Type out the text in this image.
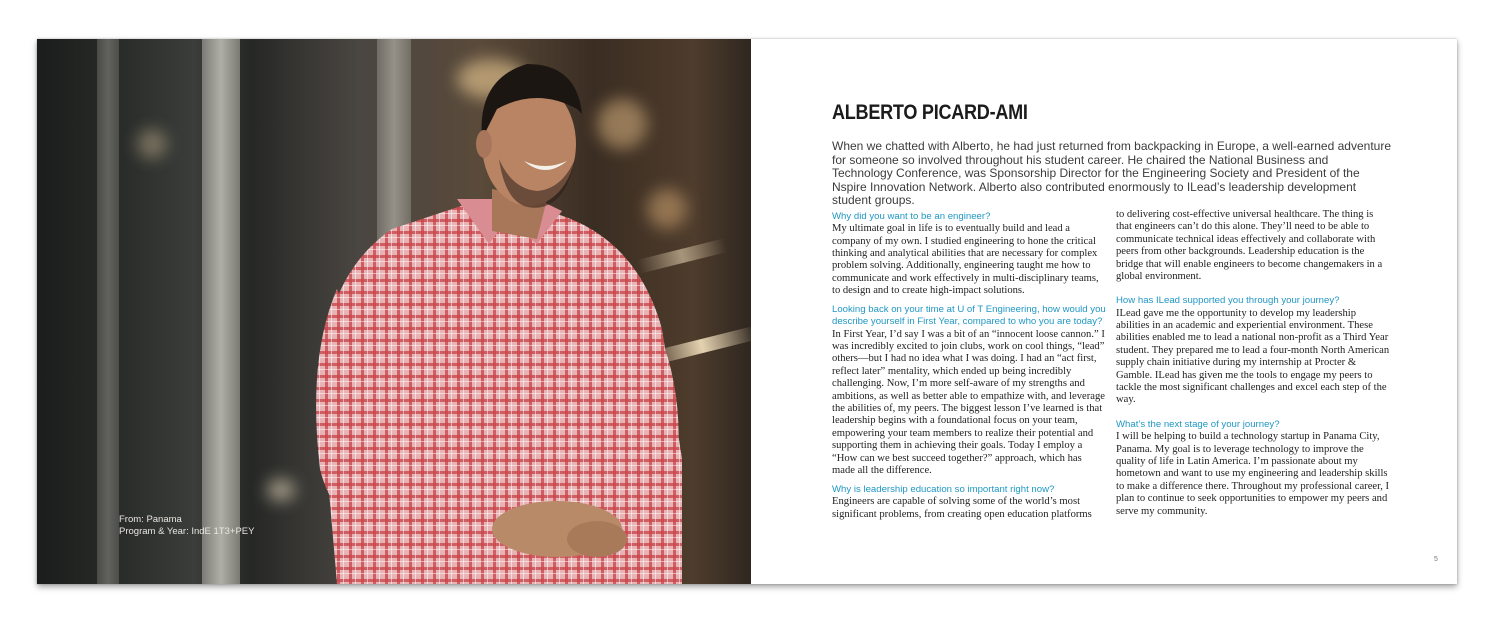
From: Panama
Program & Year: IndE 1T3+PEY
ALBERTO PICARD-AMI

When we chatted with Alberto, he had just returned from backpacking in Europe, a well-earned adventure for someone so involved throughout his student career. He chaired the National Business and Technology Conference, was Sponsorship Director for the Engineering Society and President of the Nspire Innovation Network. Alberto also contributed enormously to ILead’s leadership development student groups.

Why did you want to be an engineer?

My ultimate goal in life is to eventually build and lead a company of my own. I studied engineering to hone the critical thinking and analytical abilities that are necessary for complex problem solving. Additionally, engineering taught me how to communicate and work effectively in multi-disciplinary teams, to design and to create high-impact solutions.

Looking back on your time at U of T Engineering, how would you describe yourself in First Year, compared to who you are today?

In First Year, I’d say I was a bit of an “innocent loose cannon.” I was incredibly excited to join clubs, work on cool things, “lead” others—but I had no idea what I was doing. I had an “act first, reflect later” mentality, which ended up being incredibly challenging. Now, I’m more self-aware of my strengths and ambitions, as well as better able to empathize with, and leverage the abilities of, my peers. The biggest lesson I’ve learned is that leadership begins with a foundational focus on your team, empowering your team members to realize their potential and supporting them in achieving their goals. Today I employ a “How can we best succeed together?” approach, which has made all the difference.

Why is leadership education so important right now?

Engineers are capable of solving some of the world’s most significant problems, from creating open education platforms

to delivering cost-effective universal healthcare. The thing is that engineers can’t do this alone. They’ll need to be able to communicate technical ideas effectively and collaborate with peers from other backgrounds. Leadership education is the bridge that will enable engineers to become changemakers in a global environment.

How has ILead supported you through your journey?

ILead gave me the opportunity to develop my leadership abilities in an academic and experiential environment. These abilities enabled me to lead a national non-profit as a Third Year student. They prepared me to lead a four-month North American supply chain initiative during my internship at Procter & Gamble. ILead has given me the tools to engage my peers to tackle the most significant challenges and excel each step of the way.

What’s the next stage of your journey?

I will be helping to build a technology startup in Panama City, Panama. My goal is to leverage technology to improve the quality of life in Latin America. I’m passionate about my hometown and want to use my engineering and leadership skills to make a difference there. Throughout my professional career, I plan to continue to seek opportunities to empower my peers and serve my community.

5
